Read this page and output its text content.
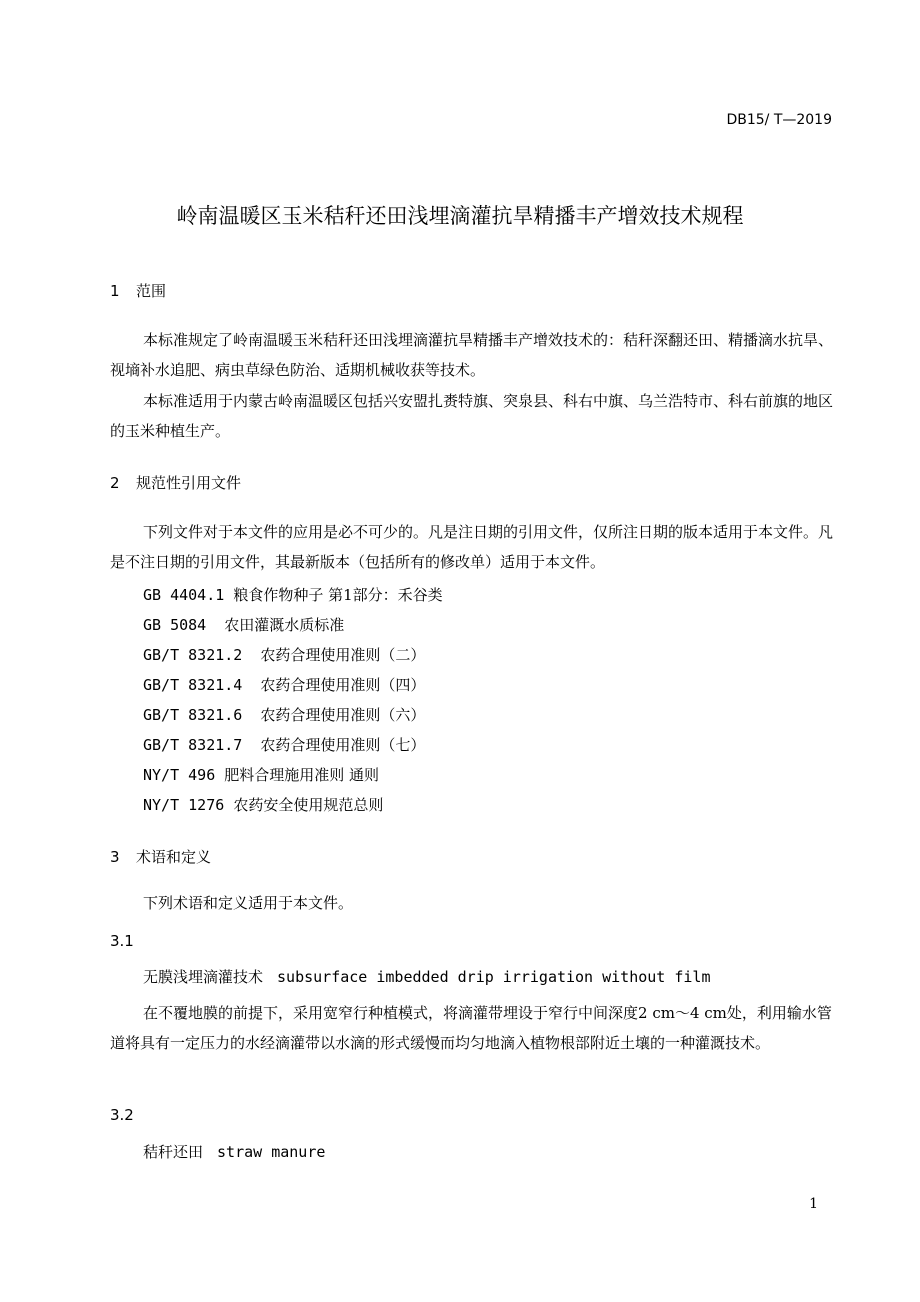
DB15/ T—2019
岭南温暖区玉米秸秆还田浅埋滴灌抗旱精播丰产增效技术规程
1 范围
本标准规定了岭南温暖玉米秸秆还田浅埋滴灌抗旱精播丰产增效技术的：秸秆深翻还田、精播滴水抗旱、视墒补水追肥、病虫草绿色防治、适期机械收获等技术。
本标准适用于内蒙古岭南温暖区包括兴安盟扎赉特旗、突泉县、科右中旗、乌兰浩特市、科右前旗的地区的玉米种植生产。
2 规范性引用文件
下列文件对于本文件的应用是必不可少的。凡是注日期的引用文件，仅所注日期的版本适用于本文件。凡是不注日期的引用文件，其最新版本（包括所有的修改单）适用于本文件。
GB 4404.1 粮食作物种子 第1部分：禾谷类
GB 5084 农田灌溉水质标准
GB/T 8321.2 农药合理使用准则（二）
GB/T 8321.4 农药合理使用准则（四）
GB/T 8321.6 农药合理使用准则（六）
GB/T 8321.7 农药合理使用准则（七）
NY/T 496 肥料合理施用准则 通则
NY/T 1276 农药安全使用规范总则
3 术语和定义
下列术语和定义适用于本文件。
3.1
无膜浅埋滴灌技术 subsurface imbedded drip irrigation without film
在不覆地膜的前提下，采用宽窄行种植模式，将滴灌带埋设于窄行中间深度2 cm～4 cm处，利用输水管道将具有一定压力的水经滴灌带以水滴的形式缓慢而均匀地滴入植物根部附近土壤的一种灌溉技术。
3.2
秸秆还田 straw manure
1
